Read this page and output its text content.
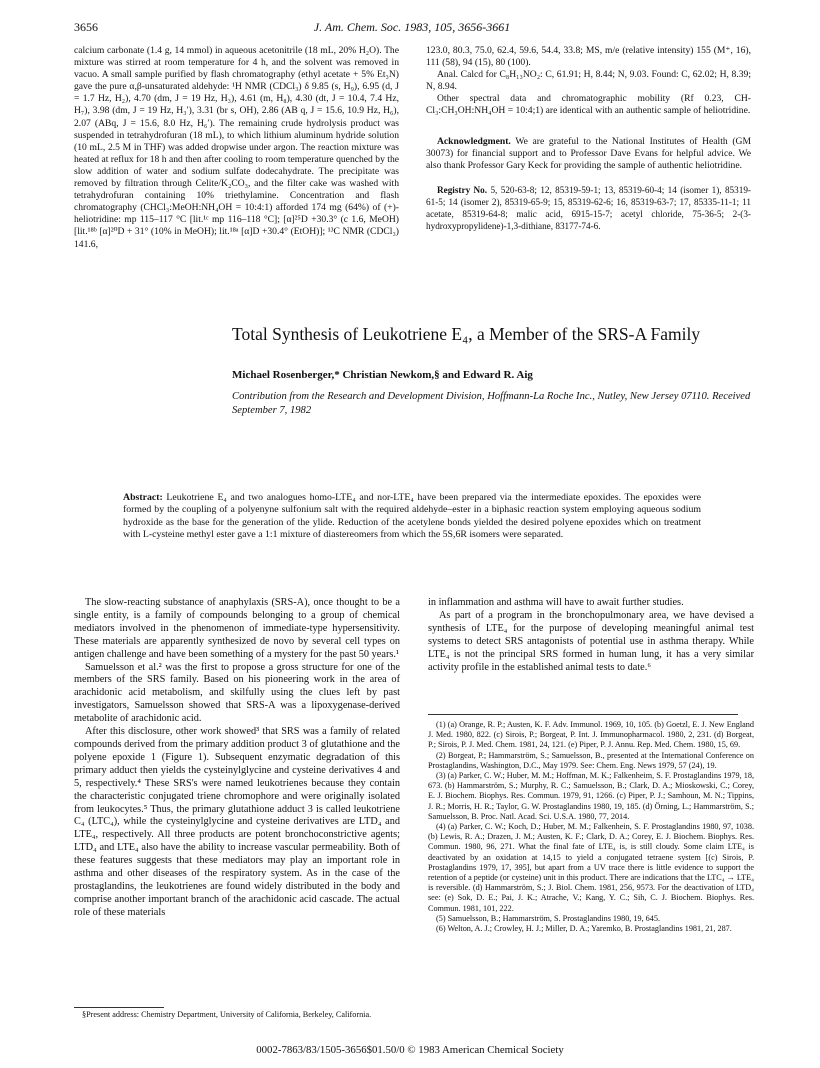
3656	J. Am. Chem. Soc. 1983, 105, 3656-3661

calcium carbonate (1.4 g, 14 mmol) in aqueous acetonitrile (18 mL, 20% H₂O). The mixture was stirred at room temperature for 4 h, and the solvent was removed in vacuo. A small sample purified by flash chromatography (ethyl acetate + 5% Et₃N) gave the pure α,β-unsaturated aldehyde: ¹H NMR (CDCl₃) δ 9.85 (s, H₉), 6.95 (d, J = 1.7 Hz, H₂), 4.70 (dm, J = 19 Hz, H₃), 4.61 (m, H₈), 4.30 (dt, J = 10.4, 7.4 Hz, H₇), 3.98 (dm, J = 19 Hz, H₃′), 3.31 (br s, OH), 2.86 (AB q, J = 15.6, 10.9 Hz, H₆), 2.07 (ABq, J = 15.6, 8.0 Hz, H₆′). The remaining crude hydrolysis product was suspended in tetrahydrofuran (18 mL), to which lithium aluminum hydride solution (10 mL, 2.5 M in THF) was added dropwise under argon. The reaction mixture was heated at reflux for 18 h and then after cooling to room temperature quenched by the slow addition of water and sodium sulfate dodecahydrate. The precipitate was removed by filtration through Celite/K₂CO₃, and the filter cake was washed with tetrahydrofuran containing 10% triethylamine. Concentration and flash chromatography (CHCl₃:MeOH:NH₄OH = 10:4:1) afforded 174 mg (64%) of (+)-heliotridine: mp 115–117 °C [lit.¹ᶜ mp 116–118 °C]; [α]²⁵D +30.3° (c 1.6, MeOH) [lit.¹⁸ᵇ [α]²⁰D + 31° (10% in MeOH); lit.¹⁸ᵃ [α]D +30.4° (EtOH)]; ¹³C NMR (CDCl₃) 141.6,

123.0, 80.3, 75.0, 62.4, 59.6, 54.4, 33.8; MS, m/e (relative intensity) 155 (M⁺, 16), 111 (58), 94 (15), 80 (100).

Anal. Calcd for C₈H₁₃NO₂: C, 61.91; H, 8.44; N, 9.03. Found: C, 62.02; H, 8.39; N, 8.94.

Other spectral data and chromatographic mobility (Rf 0.23, CH-Cl₃:CH₃OH:NH₄OH = 10:4;1) are identical with an authentic sample of heliotridine.

Acknowledgment. We are grateful to the National Institutes of Health (GM 30073) for financial support and to Professor Dave Evans for helpful advice. We also thank Professor Gary Keck for providing the sample of authentic heliotridine.

Registry No. 5, 520-63-8; 12, 85319-59-1; 13, 85319-60-4; 14 (isomer 1), 85319-61-5; 14 (isomer 2), 85319-65-9; 15, 85319-62-6; 16, 85319-63-7; 17, 85335-11-1; 11 acetate, 85319-64-8; malic acid, 6915-15-7; acetyl chloride, 75-36-5; 2-(3-hydroxypropylidene)-1,3-dithiane, 83177-74-6.

Total Synthesis of Leukotriene E₄, a Member of the SRS-A Family
Michael Rosenberger,* Christian Newkom,§ and Edward R. Aig
Contribution from the Research and Development Division, Hoffmann-La Roche Inc., Nutley, New Jersey 07110. Received September 7, 1982
Abstract: Leukotriene E₄ and two analogues homo-LTE₄ and nor-LTE₄ have been prepared via the intermediate epoxides. The epoxides were formed by the coupling of a polyenyne sulfonium salt with the required aldehyde–ester in a biphasic reaction system employing aqueous sodium hydroxide as the base for the generation of the ylide. Reduction of the acetylene bonds yielded the desired polyene epoxides which on treatment with L-cysteine methyl ester gave a 1:1 mixture of diastereomers from which the 5S,6R isomers were separated.

The slow-reacting substance of anaphylaxis (SRS-A), once thought to be a single entity, is a family of compounds belonging to a group of chemical mediators involved in the phenomenon of immediate-type hypersensitivity. These materials are apparently synthesized de novo by several cell types on antigen challenge and have been something of a mystery for the past 50 years.¹

Samuelsson et al.² was the first to propose a gross structure for one of the members of the SRS family. Based on his pioneering work in the area of arachidonic acid metabolism, and skilfully using the clues left by past investigators, Samuelsson showed that SRS-A was a lipoxygenase-derived metabolite of arachidonic acid.

After this disclosure, other work showed³ that SRS was a family of related compounds derived from the primary addition product 3 of glutathione and the polyene epoxide 1 (Figure 1). Subsequent enzymatic degradation of this primary adduct then yields the cysteinylglycine and cysteine derivatives 4 and 5, respectively.⁴ These SRS's were named leukotrienes because they contain the characteristic conjugated triene chromophore and were originally isolated from leukocytes.⁵ Thus, the primary glutathione adduct 3 is called leukotriene C₄ (LTC₄), while the cysteinylglycine and cysteine derivatives are LTD₄ and LTE₄, respectively. All three products are potent bronchoconstrictive agents; LTD₄ and LTE₄ also have the ability to increase vascular permeability. Both of these features suggests that these mediators may play an important role in asthma and other diseases of the respiratory system. As in the case of the prostaglandins, the leukotrienes are found widely distributed in the body and comprise another important branch of the arachidonic acid cascade. The actual role of these materials

in inflammation and asthma will have to await further studies.

As part of a program in the bronchopulmonary area, we have devised a synthesis of LTE₄ for the purpose of developing meaningful animal test systems to detect SRS antagonists of potential use in asthma therapy. While LTE₄ is not the principal SRS formed in human lung, it has a very similar activity profile in the established animal tests to date.⁶

(1) (a) Orange, R. P.; Austen, K. F. Adv. Immunol. 1969, 10, 105. (b) Goetzl, E. J. New England J. Med. 1980, 822. (c) Sirois, P.; Borgeat, P. Int. J. Immunopharmacol. 1980, 2, 231. (d) Borgeat, P.; Sirois, P. J. Med. Chem. 1981, 24, 121. (e) Piper, P. J. Annu. Rep. Med. Chem. 1980, 15, 69.

(2) Borgeat, P.; Hammarström, S.; Samuelsson, B., presented at the International Conference on Prostaglandins, Washington, D.C., May 1979. See: Chem. Eng. News 1979, 57 (24), 19.

(3) (a) Parker, C. W.; Huber, M. M.; Hoffman, M. K.; Falkenheim, S. F. Prostaglandins 1979, 18, 673. (b) Hammarström, S.; Murphy, R. C.; Samuelsson, B.; Clark, D. A.; Mioskowski, C.; Corey, E. J. Biochem. Biophys. Res. Commun. 1979, 91, 1266. (c) Piper, P. J.; Samhoun, M. N.; Tippins, J. R.; Morris, H. R.; Taylor, G. W. Prostaglandins 1980, 19, 185. (d) Örning, L.; Hammarström, S.; Samuelsson, B. Proc. Natl. Acad. Sci. U.S.A. 1980, 77, 2014.

(4) (a) Parker, C. W.; Koch, D.; Huber, M. M.; Falkenhein, S. F. Prostaglandins 1980, 97, 1038. (b) Lewis, R. A.; Drazen, J. M.; Austen, K. F.; Clark, D. A.; Corey, E. J. Biochem. Biophys. Res. Commun. 1980, 96, 271. What the final fate of LTE₄ is, is still cloudy. Some claim LTE₄ is deactivated by an oxidation at 14,15 to yield a conjugated tetraene system [(c) Sirois, P. Prostaglandins 1979, 17, 395], but apart from a UV trace there is little evidence to support the retention of a peptide (or cysteine) unit in this product. There are indications that the LTC₄ → LTE₄ is reversible. (d) Hammarström, S.; J. Biol. Chem. 1981, 256, 9573. For the deactivation of LTD₄ see: (e) Sok, D. E.; Pai, J. K.; Atrache, V.; Kang, Y. C.; Sih, C. J. Biochem. Biophys. Res. Commun. 1981, 101, 222.

(5) Samuelsson, B.; Hammarström, S. Prostaglandins 1980, 19, 645.

(6) Welton, A. J.; Crowley, H. J.; Miller, D. A.; Yaremko, B. Prostaglandins 1981, 21, 287.

§Present address: Chemistry Department, University of California, Berkeley, California.
0002-7863/83/1505-3656$01.50/0 © 1983 American Chemical Society
